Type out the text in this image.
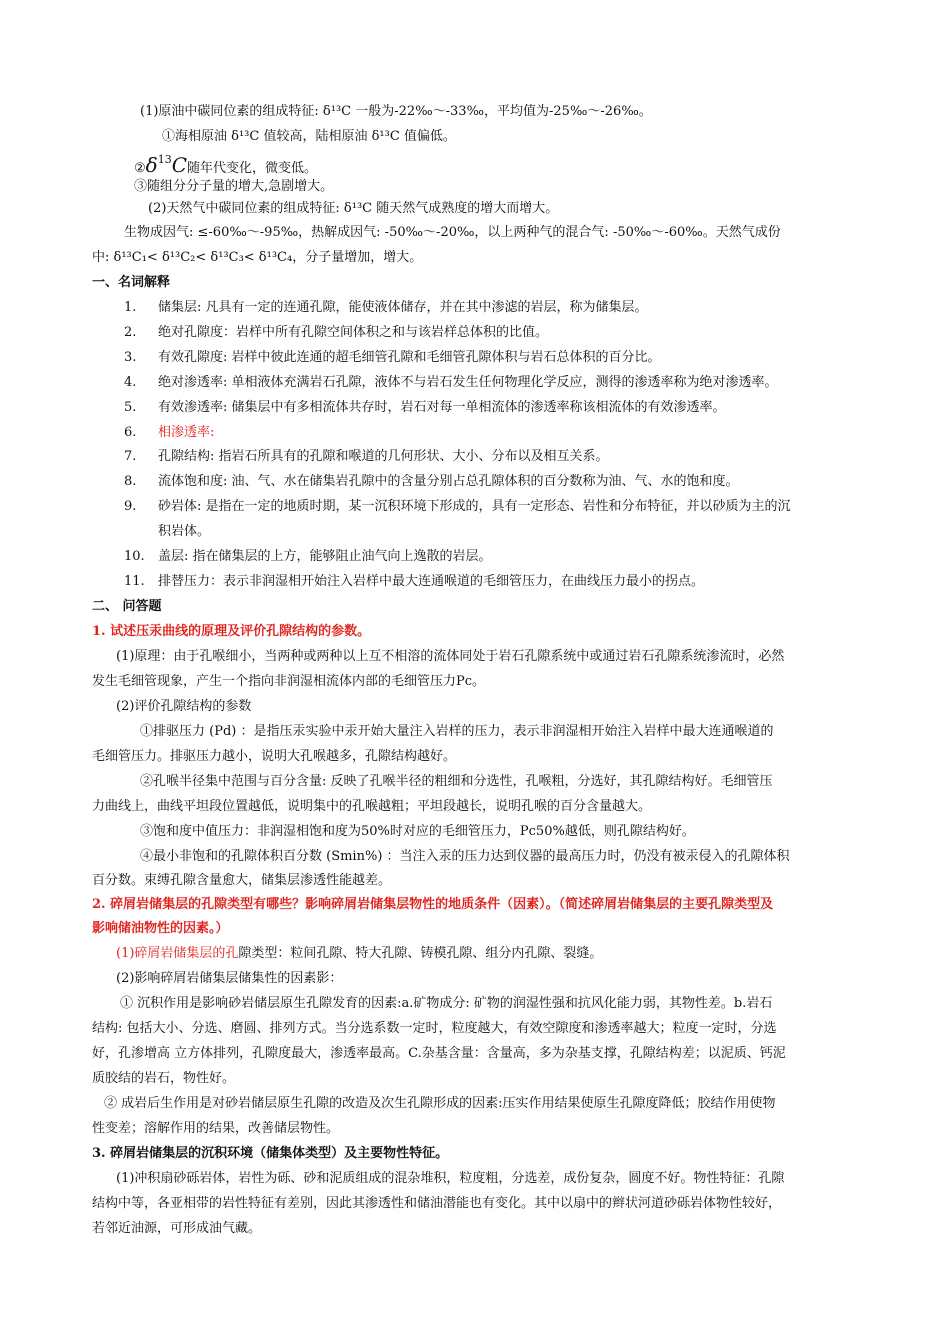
(1)原油中碳同位素的组成特征: δ¹³C 一般为-22‰～-33‰，平均值为-25‰～-26‰。
①海相原油 δ¹³C 值较高，陆相原油 δ¹³C 值偏低。
$②\delta^{13}C$随年代变化，微变低。
③随组分分子量的增大,急剧增大。
(2)天然气中碳同位素的组成特征: δ¹³C 随天然气成熟度的增大而增大。
生物成因气: ≤-60‰～-95‰，热解成因气: -50‰～-20‰，以上两种气的混合气: -50‰～-60‰。天然气成份
中: δ¹³C₁< δ¹³C₂< δ¹³C₃< δ¹³C₄，分子量增加，增大。
一、名词解释
1. 储集层: 凡具有一定的连通孔隙，能使液体储存，并在其中渗滤的岩层，称为储集层。
2. 绝对孔隙度：岩样中所有孔隙空间体积之和与该岩样总体积的比值。
3. 有效孔隙度: 岩样中彼此连通的超毛细管孔隙和毛细管孔隙体积与岩石总体积的百分比。
4. 绝对渗透率: 单相液体充满岩石孔隙，液体不与岩石发生任何物理化学反应，测得的渗透率称为绝对渗透率。
5. 有效渗透率: 储集层中有多相流体共存时，岩石对每一单相流体的渗透率称该相流体的有效渗透率。
6. 相渗透率:
7. 孔隙结构: 指岩石所具有的孔隙和喉道的几何形状、大小、分布以及相互关系。
8. 流体饱和度: 油、气、水在储集岩孔隙中的含量分别占总孔隙体积的百分数称为油、气、水的饱和度。
9. 砂岩体: 是指在一定的地质时期，某一沉积环境下形成的，具有一定形态、岩性和分布特征，并以砂质为主的沉
积岩体。
10. 盖层: 指在储集层的上方，能够阻止油气向上逸散的岩层。
11. 排替压力：表示非润湿相开始注入岩样中最大连通喉道的毛细管压力，在曲线压力最小的拐点。
二、 问答题
1. 试述压汞曲线的原理及评价孔隙结构的参数。
(1)原理：由于孔喉细小，当两种或两种以上互不相溶的流体同处于岩石孔隙系统中或通过岩石孔隙系统渗流时，必然
发生毛细管现象，产生一个指向非润湿相流体内部的毛细管压力Pc。
(2)评价孔隙结构的参数
①排驱压力 (Pd) ：是指压汞实验中汞开始大量注入岩样的压力，表示非润湿相开始注入岩样中最大连通喉道的
毛细管压力。排驱压力越小，说明大孔喉越多，孔隙结构越好。
②孔喉半径集中范围与百分含量: 反映了孔喉半径的粗细和分选性，孔喉粗，分选好，其孔隙结构好。毛细管压
力曲线上，曲线平坦段位置越低，说明集中的孔喉越粗；平坦段越长，说明孔喉的百分含量越大。
③饱和度中值压力：非润湿相饱和度为50%时对应的毛细管压力，Pc50%越低，则孔隙结构好。
④最小非饱和的孔隙体积百分数 (Smin%) ：当注入汞的压力达到仪器的最高压力时，仍没有被汞侵入的孔隙体积
百分数。束缚孔隙含量愈大，储集层渗透性能越差。
2. 碎屑岩储集层的孔隙类型有哪些？影响碎屑岩储集层物性的地质条件（因素）。（简述碎屑岩储集层的主要孔隙类型及
影响储油物性的因素。）
(1)碎屑岩储集层的孔隙类型：粒间孔隙、特大孔隙、铸模孔隙、组分内孔隙、裂缝。
(2)影响碎屑岩储集层储集性的因素影：
① 沉积作用是影响砂岩储层原生孔隙发育的因素:a.矿物成分: 矿物的润湿性强和抗风化能力弱，其物性差。b.岩石
结构: 包括大小、分选、磨圆、排列方式。当分选系数一定时，粒度越大，有效空隙度和渗透率越大；粒度一定时，分选
好，孔渗增高 立方体排列，孔隙度最大，渗透率最高。C.杂基含量：含量高，多为杂基支撑，孔隙结构差；以泥质、钙泥
质胶结的岩石，物性好。
② 成岩后生作用是对砂岩储层原生孔隙的改造及次生孔隙形成的因素:压实作用结果使原生孔隙度降低；胶结作用使物
性变差；溶解作用的结果，改善储层物性。
3. 碎屑岩储集层的沉积环境（储集体类型）及主要物性特征。
(1)冲积扇砂砾岩体，岩性为砾、砂和泥质组成的混杂堆积，粒度粗，分选差，成份复杂，圆度不好。物性特征：孔隙
结构中等，各亚相带的岩性特征有差别，因此其渗透性和储油潜能也有变化。其中以扇中的辫状河道砂砾岩体物性较好，
若邻近油源，可形成油气藏。
